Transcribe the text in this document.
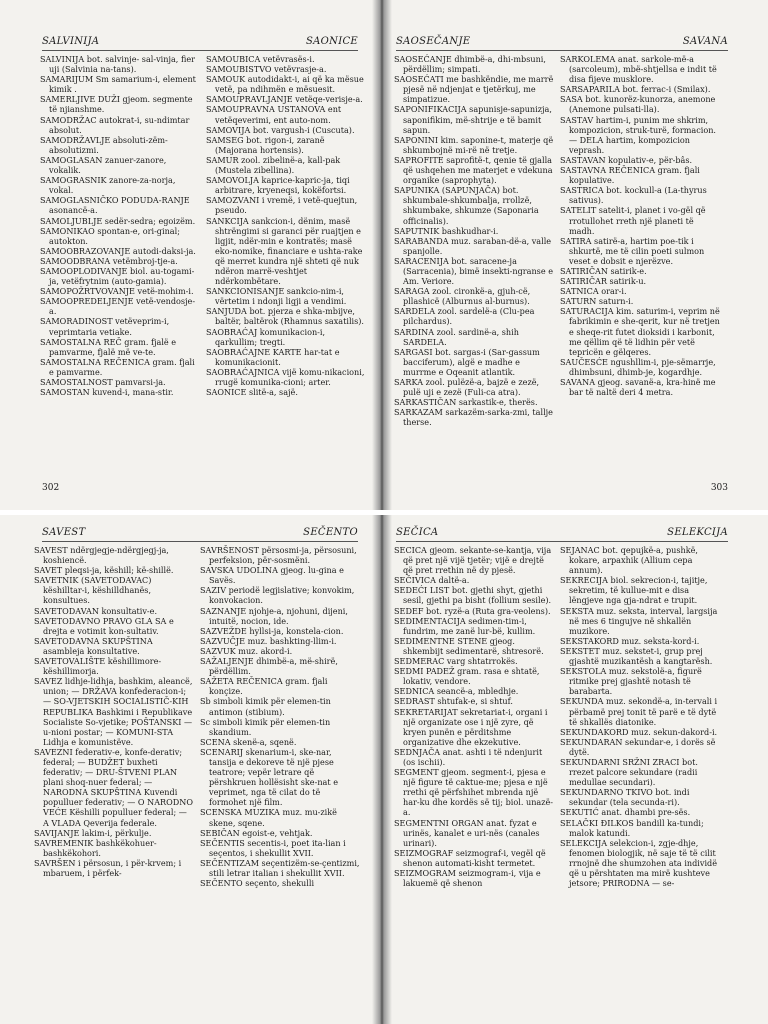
SALVINIJA	SAONICE

SALVINIJA bot. salvinje- sal-vinja, fier uji (Salvinia na-tans).

SAMARIJUM Sm samarium-i, element kimik .

SAMERLJIVE DUŽI gjeom. segmente të njianshme.

SAMODRŽAC autokrat-i, su-ndimtar absolut.

SAMODRŽAVLJE absoluti-zëm-absolutizmi.

SAMOGLASAN zanuer-zanore, vokalik.

SAMOGRASNIK zanore-za-norja, vokal.

SAMOGLASNIČKO PODUDA-RANJE asonancë-a.

SAMOLJUBLJE sedër-sedra; egoizëm.

SAMONIKAO spontan-e, ori-ginal; autokton.

SAMOOBRAZOVANJE autodi-daksi-ja.

SAMOODBRANA vetëmbroj-tje-a.

SAMOOPLODIVANJE biol. au-togami-ja, vetëfrytnim (auto-gamia).

SAMOPOŽRTVOVANJE vetë-mohim-i.

SAMOOPREDELJENJE vetë-vendosje-a.

SAMORADINOST vetëveprim-i, veprimtaria vetiake.

SAMOSTALNA REČ gram. fjalë e pamvarme, fjalë më ve-te.

SAMOSTALNA REČENICA gram. fjali e pamvarme.

SAMOSTALNOST pamvarsi-ja.

SAMOSTAN kuvend-i, mana-stir.

SAMOUBICA vetëvrasës-i.

SAMOUBISTVO vetëvrasje-a.

SAMOUK autodidakt-i, ai që ka mësue vetë, pa ndihmën e mësuesit.

SAMOUPRAVLJANJE vetëqe-verisje-a.

SAMOUPRAVNA USTANOVA ent vetëqeverimi, ent auto-nom.

SAMOVIJA bot. vargush-i (Cuscuta).

SAMSEG bot. rigon-i, zaranë (Majorana hortensis).

SAMUR zool. zibelinë-a, kall-pak (Mustela zibellina).

SAMOVOLJA kaprice-kapric-ja, tiqi arbitrare, kryeneqsi, kokëfortsi.

SAMOZVANI i vremë, i vetë-quejtun, pseudo.

SANKCIJA sankcion-i, dënim, masë shtrëngimi si garanci për ruajtjen e ligjit, ndër-min e kontratës; masë eko-nomike, financiare e ushta-rake që merret kundra një shteti që nuk ndëron marrë-veshtjet ndërkombëtare.

SANKCIONISANJE sankcio-nim-i, vërtetim i ndonji ligji a vendimi.

SANJUDA bot. pjerza e shka-mbijve, baltër, baltërok (Rhamnus saxatilis).

SAOBRAĆAJ komunikacion-i, qarkullim; tregti.

SAOBRAĆAJNE KARTE har-tat e komunikacionit.

SAOBRAĆAJNICA vijë komu-nikacioni, rrugë komunika-cioni; arter.

SAONICE slitë-a, sajë.

302
SAOSEČANJE	SAVANA

SAOSEĆANJE dhimbë-a, dhi-mbsuni, përdëllim; simpati.

SAOSEĆATI me bashkëndie, me marrë pjesë në ndjenjat e tjetërkuj, me simpatizue.

SAPONIFIKACIJA sapunisje-sapunizja, saponifikim, më-shtrije e të bamit sapun.

SAPONINI kim. saponine-t, materje që shkumbojnë mi-rë në tretje.

SAPROFITE saprofitë-t, qenie të gjalla që ushqehen me materjet e vdekuna organike (saprophyta).

SAPUNIKA (SAPUNJAČA) bot. shkumbale-shkumbalja, rrollzë, shkumbake, shkumze (Saponaria officinalis).

SAPUTNIK bashkudhar-i.

SARABANDA muz. saraban-dë-a, valle spanjolle.

SARACENIJA bot. saracene-ja (Sarracenia), bimë insekti-ngranse e Am. Veriore.

SARAGA zool. cironkë-a, gjuh-cë, pllashicë (Alburnus al-burnus).

SARDELA zool. sardelë-a (Clu-pea pilchardus).

SARDINA zool. sardinë-a, shih SARDELA.

SARGASI bot. sargas-i (Sar-gassum bacciferum), algë e madhe e murrme e Oqeanit atlantik.

SARKA zool. pulëzë-a, bajzë e zezë, pulë uji e zezë (Fuli-ca atra).

SARKASTIČAN sarkastik-e, therës.

SARKAZAM sarkazëm-sarka-zmi, tallje therse.

SARKOLEMA anat. sarkole-më-a (sarcoleum), mbë-shtjellsa e indit të disa fijeve musklore.

SARSAPARILA bot. ferrac-i (Smilax).

SASA bot. kunorëz-kunorza, anemone (Anemone pulsati-lla).

SASTAV hartim-i, punim me shkrim, kompozicion, struk-turë, formacion. — DELA hartim, kompozicion veprash.

SASTAVAN kopulativ-e, për-bâs.

SASTAVNA REČENICA gram. fjali kopulative.

SASTRICA bot. kockull-a (La-thyrus sativus).

SATELIT satelit-i, planet i vo-gël që rrotullohet rreth një planeti të madh.

SATIRA satirë-a, hartim poe-tik i shkurtë, me të cilin poeti sulmon veset e dobsit e njerëzve.

SATIRIČAN satirik-e.

SATIRIČAR satirik-u.

SATNICA orar-i.

SATURN saturn-i.

SATURACIJA kim. saturim-i, veprim në fabrikimin e she-qerit, kur në tretjen e sheqe-rit futet dioksidi i karbonit, me qëllim që të lidhin për vetë tepricën e gëlqeres.

SAUČESĆE ngushllim-i, pje-sëmarrje, dhimbsuni, dhimb-je, kogardhje.

SAVANA gjeog. savanë-a, kra-hinë me bar të naltë deri 4 metra.

303
SAVEST	SEČENTO

SAVEST ndërgjegje-ndërgjegj-ja, koshiencë.

SAVET pleqsi-ja, këshill; kë-shillë.

SAVETNIK (SAVETODAVAC) këshilltar-i, këshilldhanës, konsultues.

SAVETODAVAN konsultativ-e.

SAVETODAVNO PRAVO GLA SA e drejta e votimit kon-sultativ.

SAVETODAVNA SKUPŠTINA asambleja konsultative.

SAVETOVALIŠTE këshillimore-këshillimorja.

SAVEZ lidhje-lidhja, bashkim, aleancë, union; — DRŽAVA konfederacion-i; — SO-VJETSKIH SOCIALISTIČ-KIH REPUBLIKA Bashkimi i Republikave Socialiste So-vjetike; POŠTANSKI — u-nioni postar; — KOMUNI-STA Lidhja e komunistëve.

SAVEZNI federativ-e, konfe-derativ; federal; — BUDŽET buxheti federativ; — DRU-ŠTVENI PLAN plani shoq-nuer federal; — NARODNA SKUPŠTINA Kuvendi populluer federativ; — O NARODNO VEĆE Këshilli populluer federal; — A VLADA Qeverija federale.

SAVIJANJE lakim-i, përkulje.

SAVREMENIK bashkëkohuer-bashkëkohori.

SAVRŠEN i përsosun, i për-krvem; i mbaruem, i përfek-

SAVRŠENOST përsosmi-ja, përsosuni, perfeksion, për-sosmëni.

SAVSKA UDOLINA gjeog. lu-gina e Savës.

SAZIV periodë legjislative; konvokim, konvokacion.

SAZNANJE njohje-a, njohuni, dijeni, intuitë, nocion, ide.

SAZVEŽDE hyllsi-ja, konstela-cion.

SAZVUČJE muz. bashkting-llim-i.

SAZVUK muz. akord-i.

SAŽALJENJE dhimbë-a, më-shirë, përdëllim.

SAŽETA REČENICA gram. fjali konçize.

Sb simboli kimik për elemen-tin antimon (stibium).

Sc simboli kimik për elemen-tin skandium.

SCENA skenë-a, sqenë.

SCENARIJ skenarium-i, ske-nar, tansija e dekoreve të një pjese teatrore; vepër letrare që përshkruen hollësisht ske-nat e veprimet, nga të cilat do të formohet një film.

SCENSKA MUZIKA muz. mu-zikë skene, sqene.

SEBIČAN egoist-e, vehtjak.

SEČENTIS secentis-i, poet ita-lian i seçentos, i shekullit XVII.

SEČENTIZAM seçentizëm-se-çentizmi, stili letrar italian i shekullit XVII.

SEČENTO seçento, shekulli

SEČICA	SELEKCIJA

SECICA gjeom. sekante-se-kantja, vija që pret një vijë tjetër; vijë e drejtë që pret rrethin në dy pjesë.

SEČIVICA daltë-a.

SEDEĆI LIST bot. gjethi shyt, gjethi sesil, gjethi pa bisht (follium sesile).

SEDEF bot. ryzë-a (Ruta gra-veolens).

SEDIMENTACIJA sedimen-tim-i, fundrim, me zanë lur-bë, kullim.

SEDIMENTNE STENE gjeog. shkembijt sedimentarë, shtresorë.

SEDMERAC varg shtatrrokës.

SEDMI PADEŽ gram. rasa e shtatë, lokativ, vendore.

SEDNICA seancë-a, mbledhje.

SEDRAST shtufak-e, si shtuf.

SEKRETARIJAT sekretariat-i, organi i një organizate ose i një zyre, që kryen punën e përditshme organizative dhe ekzekutive.

SEDNJAČA anat. ashti i të ndenjurit (os ischii).

SEGMENT gjeom. segment-i, pjesa e një figure të caktue-me; pjesa e një rrethi që përfshihet mbrenda një har-ku dhe kordës së tij; biol. unazë-a.

SEGMENTNI ORGAN anat. fyzat e urinës, kanalet e uri-nës (canales urinari).

SEIZMOGRAF seizmograf-i, vegël që shenon automati-kisht termetet.

SEIZMOGRAM seizmogram-i, vija e lakuemë që shenon

SEJANAC bot. qepujkë-a, pushkë, kokare, arpaxhik (Allium cepa annum).

SEKRECIJA biol. sekrecion-i, tajitje, sekretim, të kullue-mit e disa lëngjeve nga gja-ndrat e trupit.

SEKSTA muz. seksta, interval, largsija në mes 6 tingujve në shkallën muzikore.

SEKSTAKORD muz. seksta-kord-i.

SEKSTET muz. sekstet-i, grup prej gjashtë muzikantësh a kangtarësh.

SEKSTOLA muz. sekstolë-a, figurë ritmike prej gjashtë notash të barabarta.

SEKUNDA muz. sekondë-a, in-tervali i përbamë prej tonit të parë e të dytë të shkallës diatonike.

SEKUNDAKORD muz. sekun-dakord-i.

SEKUNDARAN sekundar-e, i dorës së dytë.

SEKUNDARNI SRŽNI ZRACI bot. rrezet palcore sekundare (radii medullae secundari).

SEKUNDARNO TKIVO bot. indi sekundar (tela secunda-ri).

SEKUTIĆ anat. dhambi pre-sës.

SELAČKI ĐILKOS bandill ka-tundi; malok katundi.

SELEKCIJA selekcion-i, zgje-dhje, fenomen biologjik, në saje të të cilit rrnojnë dhe shumzohen ata individë që u përshtaten ma mirë kushteve jetsore; PRIRODNA — se-
